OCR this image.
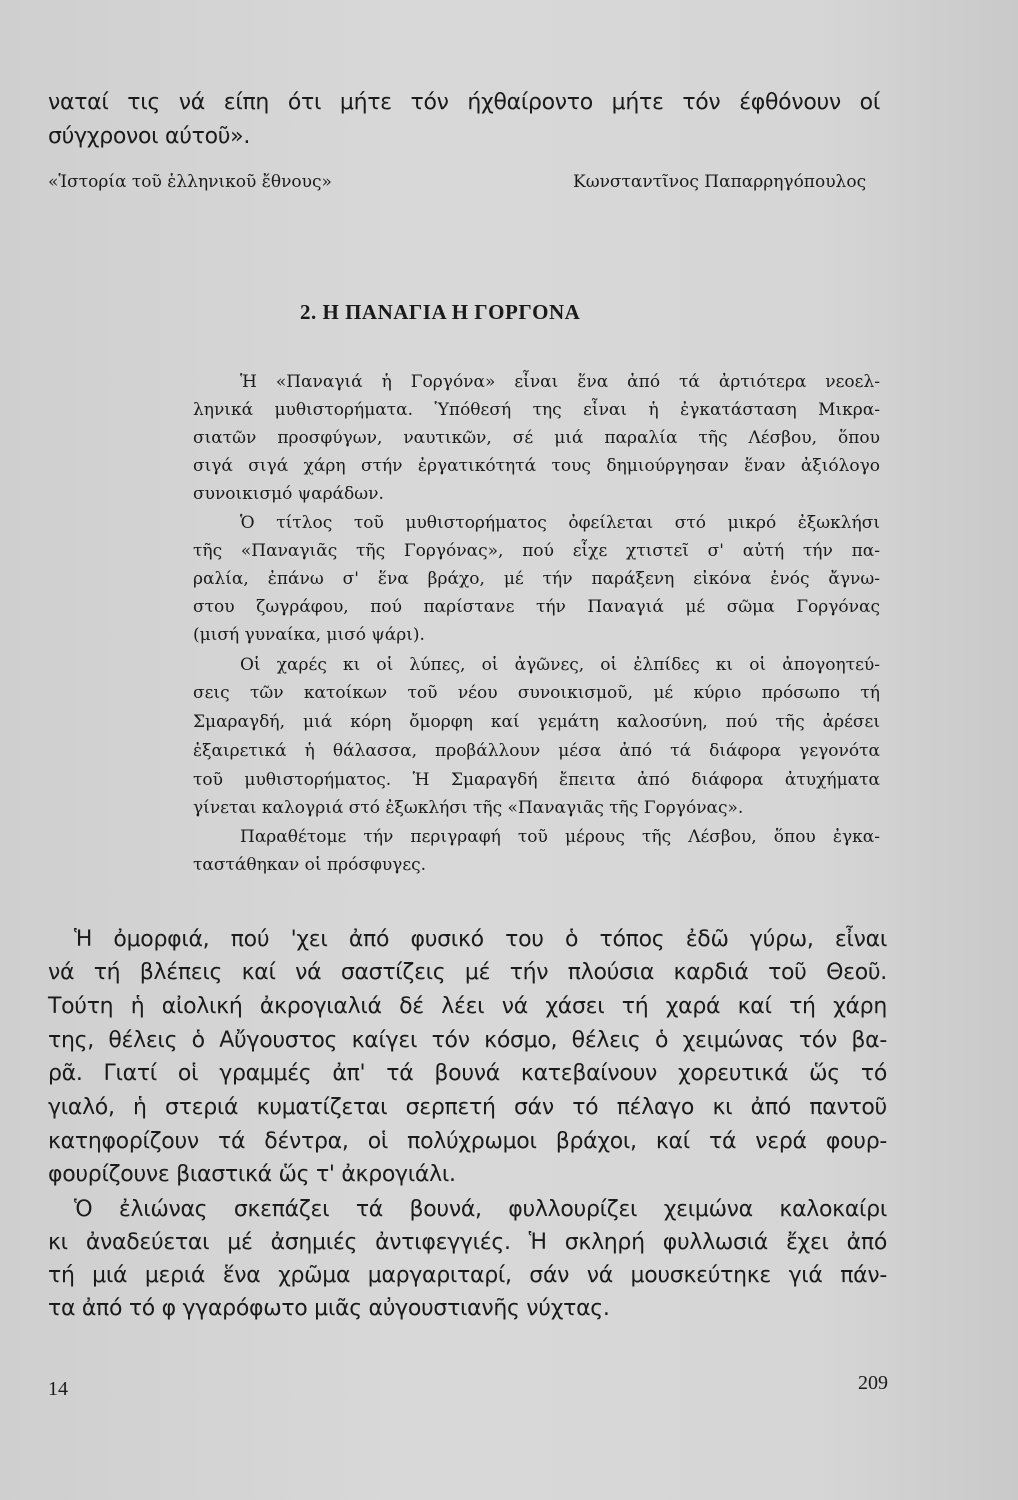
ναταί τις νά είπη ότι μήτε τόν ήχθαίροντο μήτε τόν έφθόνουν οί
σύγχρονοι αύτοῦ».
«Ἱστορία τοῦ ἑλληνικοῦ ἔθνους»	Κωνσταντῖνος Παπαρρηγόπουλος
2. Η ΠΑΝΑΓΙΑ Η ΓΟΡΓΟΝΑ
Ἡ «Παναγιά ἡ Γοργόνα» εἶναι ἕνα ἀπό τά ἀρτιότερα νεοελ-
ληνικά μυθιστορήματα. Ὑπόθεσή της εἶναι ἡ ἐγκατάσταση Μικρα-
σιατῶν προσφύγων, ναυτικῶν, σέ μιά παραλία τῆς Λέσβου, ὅπου
σιγά σιγά χάρη στήν ἐργατικότητά τους δημιούργησαν ἕναν ἀξιόλογο
συνοικισμό ψαράδων.
Ὁ τίτλος τοῦ μυθιστορήματος ὀφείλεται στό μικρό ἐξωκλήσι
τῆς «Παναγιᾶς τῆς Γοργόνας», πού εἶχε χτιστεῖ σ' αὐτή τήν πα-
ραλία, ἐπάνω σ' ἕνα βράχο, μέ τήν παράξενη εἰκόνα ἑνός ἄγνω-
στου ζωγράφου, πού παρίστανε τήν Παναγιά μέ σῶμα Γοργόνας
(μισή γυναίκα, μισό ψάρι).
Οἱ χαρές κι οἱ λύπες, οἱ ἀγῶνες, οἱ ἐλπίδες κι οἱ ἀπογοητεύ-
σεις τῶν κατοίκων τοῦ νέου συνοικισμοῦ, μέ κύριο πρόσωπο τή
Σμαραγδή, μιά κόρη ὄμορφη καί γεμάτη καλοσύνη, πού τῆς ἀρέσει
ἐξαιρετικά ἡ θάλασσα, προβάλλουν μέσα ἀπό τά διάφορα γεγονότα
τοῦ μυθιστορήματος. Ἡ Σμαραγδή ἔπειτα ἀπό διάφορα ἀτυχήματα
γίνεται καλογριά στό ἐξωκλήσι τῆς «Παναγιᾶς τῆς Γοργόνας».
Παραθέτομε τήν περιγραφή τοῦ μέρους τῆς Λέσβου, ὅπου ἐγκα-
ταστάθηκαν οἱ πρόσφυγες.
Ἡ ὀμορφιά, πού 'χει ἀπό φυσικό του ὁ τόπος ἐδῶ γύρω, εἶναι
νά τή βλέπεις καί νά σαστίζεις μέ τήν πλούσια καρδιά τοῦ Θεοῦ.
Τούτη ἡ αἰολική ἀκρογιαλιά δέ λέει νά χάσει τή χαρά καί τή χάρη
της, θέλεις ὁ Αὔγουστος καίγει τόν κόσμο, θέλεις ὁ χειμώνας τόν βα-
ρᾶ. Γιατί οἱ γραμμές ἀπ' τά βουνά κατεβαίνουν χορευτικά ὥς τό
γιαλό, ἡ στεριά κυματίζεται σερπετή σάν τό πέλαγο κι ἀπό παντοῦ
κατηφορίζουν τά δέντρα, οἱ πολύχρωμοι βράχοι, καί τά νερά φουρ-
φουρίζουνε βιαστικά ὥς τ' ἀκρογιάλι.
Ὁ ἐλιώνας σκεπάζει τά βουνά, φυλλουρίζει χειμώνα καλοκαίρι
κι ἀναδεύεται μέ ἀσημιές ἀντιφεγγιές. Ἡ σκληρή φυλλωσιά ἔχει ἀπό
τή μιά μεριά ἕνα χρῶμα μαργαριταρί, σάν νά μουσκεύτηκε γιά πάν-
τα ἀπό τό φ γγαρόφωτο μιᾶς αὐγουστιανῆς νύχτας.
14	209
